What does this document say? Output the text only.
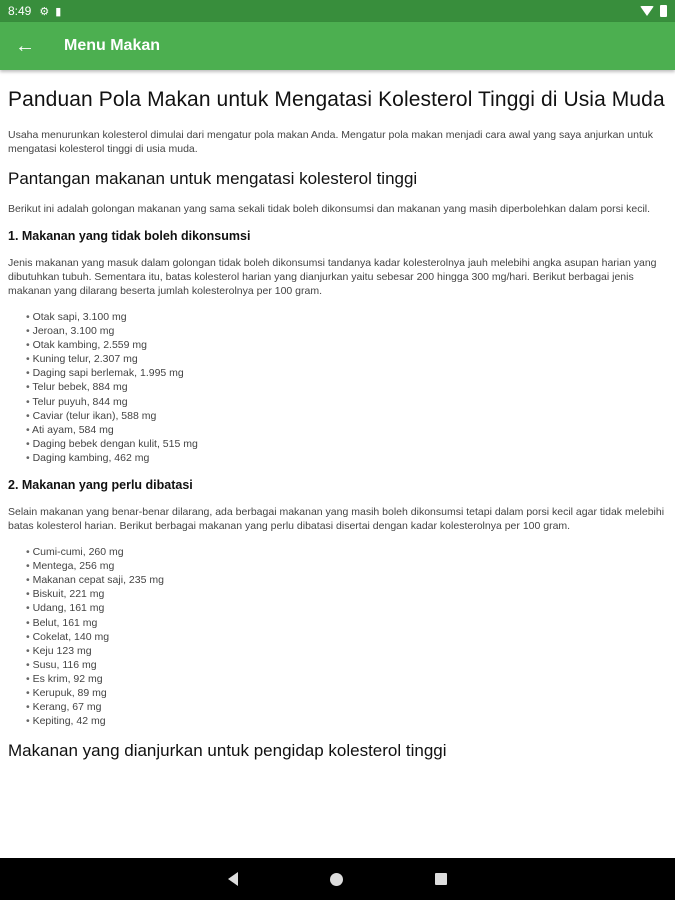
8:49 ⚙ ▮
←	Menu Makan
Panduan Pola Makan untuk Mengatasi Kolesterol Tinggi di Usia Muda

Usaha menurunkan kolesterol dimulai dari mengatur pola makan Anda. Mengatur pola makan menjadi cara awal yang saya anjurkan untuk mengatasi kolesterol tinggi di usia muda.

Pantangan makanan untuk mengatasi kolesterol tinggi

Berikut ini adalah golongan makanan yang sama sekali tidak boleh dikonsumsi dan makanan yang masih diperbolehkan dalam porsi kecil.

1. Makanan yang tidak boleh dikonsumsi

Jenis makanan yang masuk dalam golongan tidak boleh dikonsumsi tandanya kadar kolesterolnya jauh melebihi angka asupan harian yang dibutuhkan tubuh. Sementara itu, batas kolesterol harian yang dianjurkan yaitu sebesar 200 hingga 300 mg/hari. Berikut berbagai jenis makanan yang dilarang beserta jumlah kolesterolnya per 100 gram.

• Otak sapi, 3.100 mg
• Jeroan, 3.100 mg
• Otak kambing, 2.559 mg
• Kuning telur, 2.307 mg
• Daging sapi berlemak, 1.995 mg
• Telur bebek, 884 mg
• Telur puyuh, 844 mg
• Caviar (telur ikan), 588 mg
• Ati ayam, 584 mg
• Daging bebek dengan kulit, 515 mg
• Daging kambing, 462 mg
2. Makanan yang perlu dibatasi

Selain makanan yang benar-benar dilarang, ada berbagai makanan yang masih boleh dikonsumsi tetapi dalam porsi kecil agar tidak melebihi batas kolesterol harian. Berikut berbagai makanan yang perlu dibatasi disertai dengan kadar kolesterolnya per 100 gram.

• Cumi-cumi, 260 mg
• Mentega, 256 mg
• Makanan cepat saji, 235 mg
• Biskuit, 221 mg
• Udang, 161 mg
• Belut, 161 mg
• Cokelat, 140 mg
• Keju 123 mg
• Susu, 116 mg
• Es krim, 92 mg
• Kerupuk, 89 mg
• Kerang, 67 mg
• Kepiting, 42 mg
Makanan yang dianjurkan untuk pengidap kolesterol tinggi
